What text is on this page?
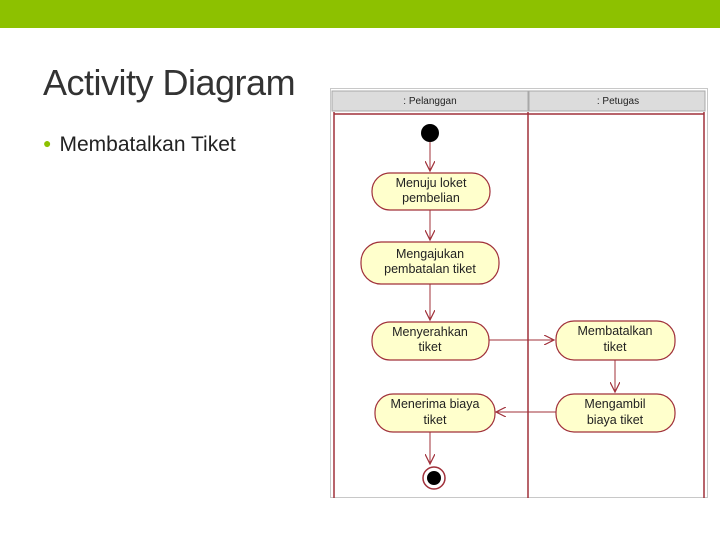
Activity Diagram
● Membatalkan Tiket
: Pelanggan	: Petugas
Menuju loket
pembelian
Mengajukan
pembatalan tiket
Menyerahkan
tiket
Membatalkan
tiket
Mengambil
biaya tiket
Menerima biaya
tiket
